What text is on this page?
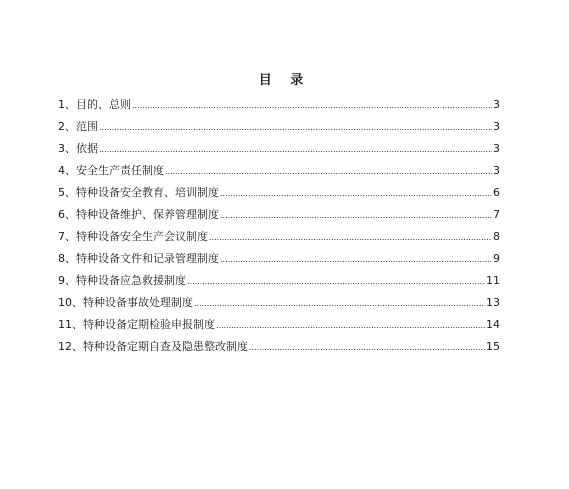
目 录
1、目的、总则 .....	3
2、范围 .....	3
3、依据 .....	3
4、安全生产责任制度 .....	3
5、特种设备安全教育、培训制度 .....	6
6、特种设备维护、保养管理制度 .....	7
7、特种设备安全生产会议制度 .....	8
8、特种设备文件和记录管理制度 .....	9
9、特种设备应急救援制度 .....	11
10、特种设备事故处理制度 .....	13
11、特种设备定期检验申报制度 .....	14
12、特种设备定期自查及隐患整改制度 .....	15
